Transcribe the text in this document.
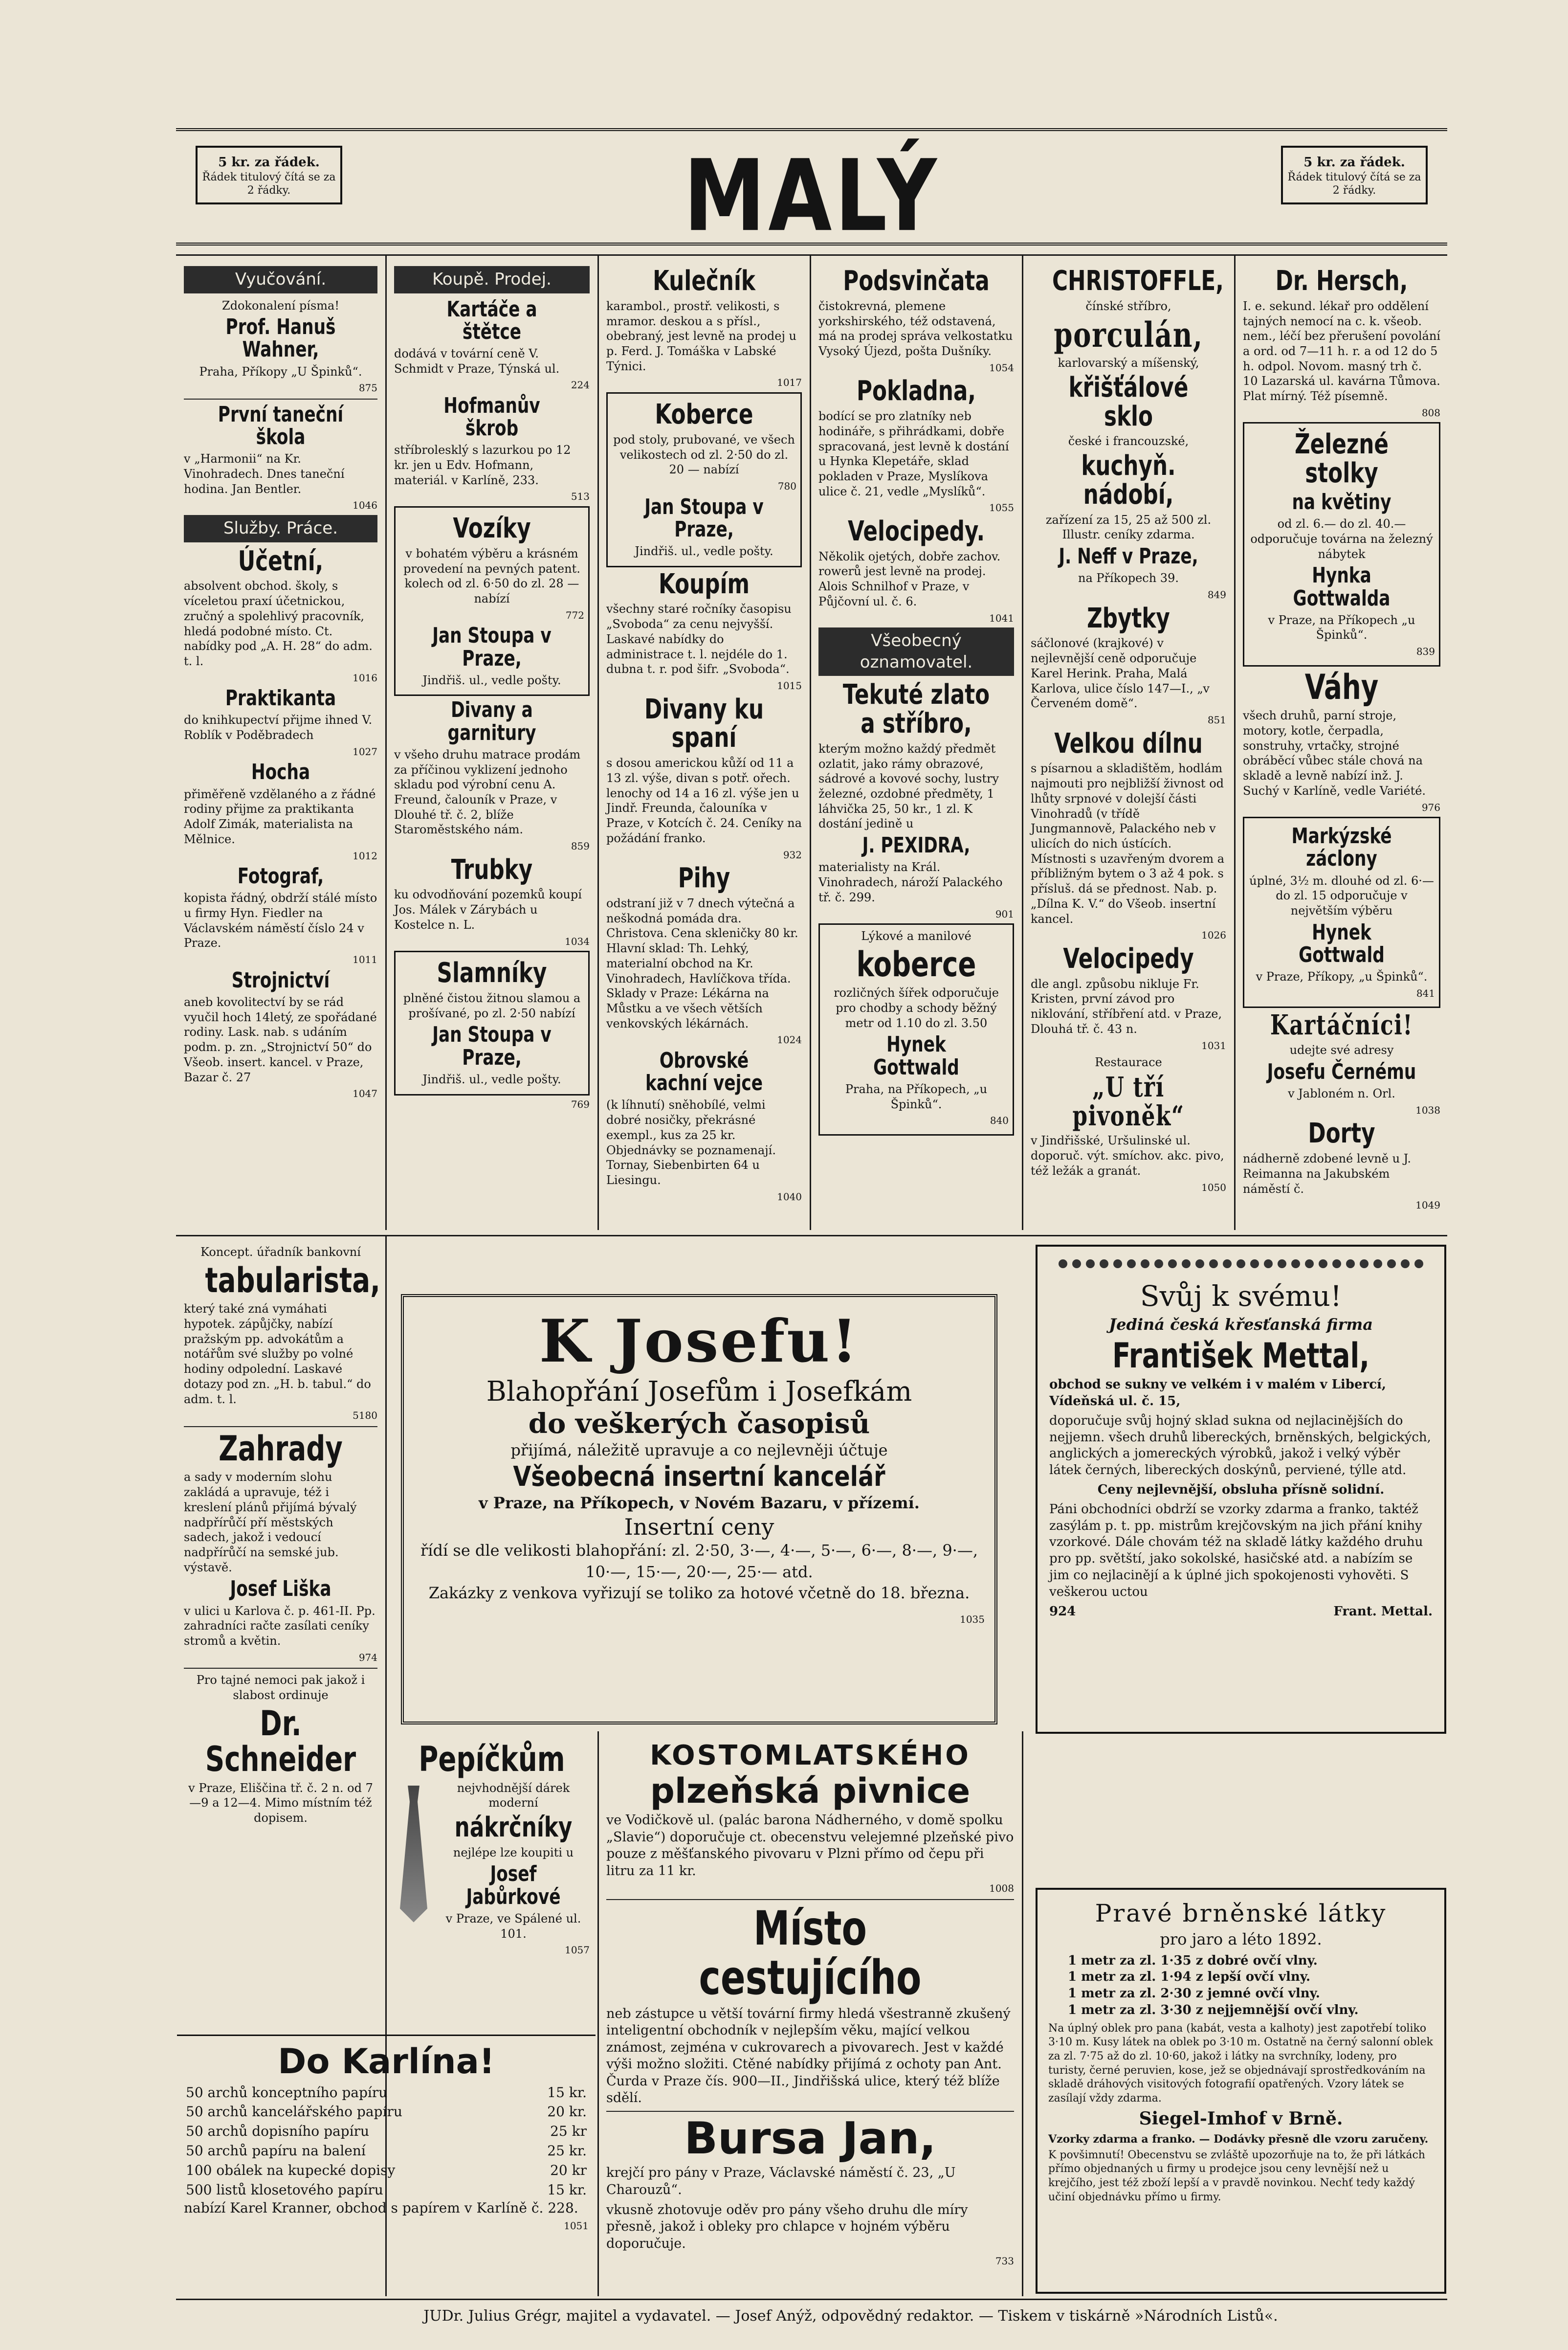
5 kr. za řádek.
Řádek titulový čítá se za 2 řádky.	MALÝ	5 kr. za řádek.
Řádek titulový čítá se za 2 řádky.
Vyučování.

Zdokonalení písma!

Prof. Hanuš Wahner,

Praha, Příkopy „U Špinků“.

875

První taneční škola

v „Harmonii“ na Kr. Vinohradech. Dnes taneční hodina. Jan Bentler.

1046

Služby. Práce.
Účetní,

absolvent obchod. školy, s víceletou praxí účetnickou, zručný a spolehlivý pracovník, hledá podobné místo. Ct. nabídky pod „A. H. 28“ do adm. t. l.

1016

Praktikanta

do knihkupectví přijme ihned V. Roblík v Poděbradech

1027

Hocha

přiměřeně vzdělaného a z řádné rodiny přijme za praktikanta Adolf Zimák, materialista na Mělnice.

1012

Fotograf,

kopista řádný, obdrží stálé místo u firmy Hyn. Fiedler na Václavském náměstí číslo 24 v Praze.

1011

Strojnictví

aneb kovolitectví by se rád vyučil hoch 14letý, ze spořádané rodiny. Lask. nab. s udáním podm. p. zn. „Strojnictví 50“ do Všeob. insert. kancel. v Praze, Bazar č. 27

1047

Koupě. Prodej.
Kartáče a štětce

dodává v tovární ceně V. Schmidt v Praze, Týnská ul.

224

Hofmanův škrob

stříbrolesklý s lazurkou po 12 kr. jen u Edv. Hofmann, materiál. v Karlíně, 233.

513

Vozíky

v bohatém výběru a krásném provedení na pevných patent. kolech od zl. 6·50 do zl. 28 — nabízí

772

Jan Stoupa v Praze,

Jindřiš. ul., vedle pošty.

Divany a garnitury

v všeho druhu matrace prodám za příčinou vyklizení jednoho skladu pod výrobní cenu A. Freund, čalouník v Praze, v Dlouhé tř. č. 2, blíže Staroměstského nám.

859

Trubky

ku odvodňování pozemků koupí Jos. Málek v Zárybách u Kostelce n. L.

1034

Slamníky

plněné čistou žitnou slamou a prošívané, po zl. 2·50 nabízí

Jan Stoupa v Praze,

Jindřiš. ul., vedle pošty.

769

Kulečník

karambol., prostř. velikosti, s mramor. deskou a s přísl., obebraný, jest levně na prodej u p. Ferd. J. Tomáška v Labské Týnici.

1017

Koberce

pod stoly, prubované, ve všech velikostech od zl. 2·50 do zl. 20 — nabízí

780

Jan Stoupa v Praze,

Jindřiš. ul., vedle pošty.

Koupím

všechny staré ročníky časopisu „Svoboda“ za cenu nejvyšší. Laskavé nabídky do administrace t. l. nejdéle do 1. dubna t. r. pod šifr. „Svoboda“.

1015

Divany ku spaní

s dosou americkou kůží od 11 a 13 zl. výše, divan s potř. ořech. lenochy od 14 a 16 zl. výše jen u Jindř. Freunda, čalouníka v Praze, v Kotcích č. 24. Ceníky na požádání franko.

932

Pihy

odstraní již v 7 dnech výtečná a neškodná pomáda dra. Christova. Cena skleničky 80 kr. Hlavní sklad: Th. Lehký, materialní obchod na Kr. Vinohradech, Havlíčkova třída. Sklady v Praze: Lékárna na Můstku a ve všech větších venkovských lékárnách.

1024

Obrovské kachní vejce

(k líhnutí) sněhobílé, velmi dobré nosičky, překrásné exempl., kus za 25 kr. Objednávky se poznamenají. Tornay, Siebenbirten 64 u Liesingu.

1040

Podsvinčata

čistokrevná, plemene yorkshirského, též odstavená, má na prodej správa velkostatku Vysoký Újezd, pošta Dušníky.

1054

Pokladna,

bodící se pro zlatníky neb hodináře, s přihrádkami, dobře spracovaná, jest levně k dostání u Hynka Klepetáře, sklad pokladen v Praze, Myslíkova ulice č. 21, vedle „Myslíků“.

1055

Velocipedy.

Několik ojetých, dobře zachov. rowerů jest levně na prodej. Alois Schnilhof v Praze, v Půjčovní ul. č. 6.

1041

Všeobecný oznamovatel.
Tekuté zlato a stříbro,

kterým možno každý předmět ozlatit, jako rámy obrazové, sádrové a kovové sochy, lustry železné, ozdobné předměty, 1 láhvička 25, 50 kr., 1 zl. K dostání jedině u

J. PEXIDRA,

materialisty na Král. Vinohradech, nároží Palackého tř. č. 299.

901

Lýkové a manilové

koberce

rozličných šířek odporučuje pro chodby a schody běžný metr od 1.10 do zl. 3.50

Hynek Gottwald

Praha, na Příkopech, „u Špinků“.

840

CHRISTOFFLE,

čínské stříbro,

porculán,

karlovarský a míšenský,

křišťálové sklo

české i francouzské,

kuchyň. nádobí,

zařízení za 15, 25 až 500 zl. Illustr. ceníky zdarma.

J. Neff v Praze,

na Příkopech 39.

849

Zbytky

sáčlonové (krajkové) v nejlevnější ceně odporučuje Karel Herink. Praha, Malá Karlova, ulice číslo 147—I., „v Červeném domě“.

851

Velkou dílnu

s písarnou a skladištěm, hodlám najmouti pro nejbližší živnost od lhůty srpnové v dolejší části Vinohradů (v třídě Jungmannově, Palackého neb v ulicích do nich ústících. Místnosti s uzavřeným dvorem a příbližným bytem o 3 až 4 pok. s přísluš. dá se přednost. Nab. p. „Dílna K. V.“ do Všeob. insertní kancel.

1026

Velocipedy

dle angl. způsobu nikluje Fr. Kristen, první závod pro niklování, stříbření atd. v Praze, Dlouhá tř. č. 43 n.

1031

Restaurace

„U tří pivoněk“

v Jindřišské, Uršulinské ul. doporuč. výt. smíchov. akc. pivo, též ležák a granát.

1050

Dr. Hersch,

I. e. sekund. lékař pro oddělení tajných nemocí na c. k. všeob. nem., léčí bez přerušení povolání a ord. od 7—11 h. r. a od 12 do 5 h. odpol. Novom. masný trh č. 10 Lazarská ul. kavárna Tůmova. Plat mírný. Též písemně.

808

Železné stolky
na květiny

od zl. 6.— do zl. 40.— odporučuje továrna na železný nábytek

Hynka Gottwalda

v Praze, na Příkopech „u Špinků“.

839

Váhy

všech druhů, parní stroje, motory, kotle, čerpadla, sonstruhy, vrtačky, strojné obráběcí vůbec stále chová na skladě a levně nabízí inž. J. Suchý v Karlíně, vedle Variété.

976

Markýzské záclony

úplné, 3½ m. dlouhé od zl. 6·— do zl. 15 odporučuje v největším výběru

Hynek Gottwald

v Praze, Příkopy, „u Špinků“.

841

Kartáčníci!

udejte své adresy

Josefu Černému

v Jabloném n. Orl.

1038

Dorty

nádherně zdobené levně u J. Reimanna na Jakubském náměstí č.

1049

Koncept. úřadník bankovní

tabularista,

který také zná vymáhati hypotek. zápůjčky, nabízí pražským pp. advokátům a notářům své služby po volné hodiny odpolední. Laskavé dotazy pod zn. „H. b. tabul.“ do adm. t. l.

5180

Zahrady

a sady v moderním slohu zakládá a upravuje, též i kreslení plánů přijímá bývalý nadpřírůčí pří městských sadech, jakož i vedoucí nadpřírůčí na semské jub. výstavě.

Josef Liška

v ulici u Karlova č. p. 461-II. Pp. zahradníci račte zasílati ceníky stromů a květin.

974

Pro tajné nemoci pak jakož i slabost ordinuje

Dr. Schneider

v Praze, Eliščina tř. č. 2 n. od 7—9 a 12—4. Mimo místním též dopisem.

K Josefu!
Blahopřání Josefům i Josefkám
do veškerých časopisů
přijímá, náležitě upravuje a co nejlevněji účtuje
Všeobecná insertní kancelář
v Praze, na Příkopech, v Novém Bazaru, v přízemí.
Insertní ceny
řídí se dle velikosti blahopřání: zl. 2·50, 3·—, 4·—, 5·—, 6·—, 8·—, 9·—, 10·—, 15·—, 20·—, 25·— atd.
Zakázky z venkova vyřizují se toliko za hotové včetně do 18. března.

1035

Svůj k svému!
Jediná česká křesťanská firma
František Mettal,

obchod se sukny ve velkém i v malém v Libercí, Vídeňská ul. č. 15,

doporučuje svůj hojný sklad sukna od nejlacinějších do nejjemn. všech druhů libereckých, brněnských, belgických, anglických a jomereckých výrobků, jakož i velký výběr látek černých, libereckých doskýnů, perviené, týlle atd.

Ceny nejlevnější, obsluha přísně solidní.

Páni obchodníci obdrží se vzorky zdarma a franko, taktéž zasýlám p. t. pp. mistrům krejčovským na jich přání knihy vzorkové. Dále chovám též na skladě látky každého druhu pro pp. světští, jako sokolské, hasičské atd. a nabízím se jim co nejlacinějí a k úplné jich spokojenosti vyhověti. S veškerou uctou

924	Frant. Mettal.
Pepíčkům

nejvhodnější dárek moderní

nákrčníky

nejlépe lze koupiti u

Josef Jabůrkové

v Praze, ve Spálené ul. 101.

1057

Do Karlína!
50 archů konceptního papíru	15 kr.
50 archů kancelářského papíru	20 kr.
50 archů dopisního papíru	25 kr
50 archů papíru na balení	25 kr.
100 obálek na kupecké dopisy	20 kr
500 listů klosetového papíru	15 kr.

nabízí Karel Kranner, obchod s papírem v Karlíně č. 228.

1051

KOSTOMLATSKÉHO
plzeňská pivnice

ve Vodičkově ul. (palác barona Nádherného, v domě spolku „Slavie“) doporučuje ct. obecenstvu velejemné plzeňské pivo pouze z měšťanského pivovaru v Plzni přímo od čepu při litru za 11 kr.

1008

Místo cestujícího

neb zástupce u větší tovární firmy hledá všestranně zkušený inteligentní obchodník v nejlepším věku, mající velkou známost, zejména v cukrovarech a pivovarech. Jest v každé výši možno složiti. Ctěné nabídky přijímá z ochoty pan Ant. Čurda v Praze čís. 900—II., Jindřišská ulice, který též blíže sdělí.

Bursa Jan,

krejčí pro pány v Praze, Václavské náměstí č. 23, „U Charouzů“.

vkusně zhotovuje oděv pro pány všeho druhu dle míry přesně, jakož i obleky pro chlapce v hojném výběru doporučuje.

733

Pravé brněnské látky
pro jaro a léto 1892.
1 metr za zl. 1·35 z dobré ovčí vlny.
1 metr za zl. 1·94 z lepší ovčí vlny.
1 metr za zl. 2·30 z jemné ovčí vlny.
1 metr za zl. 3·30 z nejjemnější ovčí vlny.

Na úplný oblek pro pana (kabát, vesta a kalhoty) jest zapotřebí toliko 3·10 m. Kusy látek na oblek po 3·10 m. Ostatně na černý salonní oblek za zl. 7·75 až do zl. 10·60, jakož i látky na svrchníky, lodeny, pro turisty, černé peruvien, kose, jež se objednávají sprostředkováním na skladě dráhových visitových fotografií opatřených. Vzory látek se zasílají vždy zdarma.

Siegel-Imhof v Brně.

Vzorky zdarma a franko. — Dodávky přesně dle vzoru zaručeny.

K povšimnutí! Obecenstvu se zvláště upozorňuje na to, že při látkách přímo objednaných u firmy u prodejce jsou ceny levnější než u krejčího, jest též zboží lepší a v pravdě novinkou. Nechť tedy každý učiní objednávku přímo u firmy.

JUDr. Julius Grégr, majitel a vydavatel. — Josef Anýž, odpovědný redaktor. — Tiskem v tiskárně »Národních Listů«.
